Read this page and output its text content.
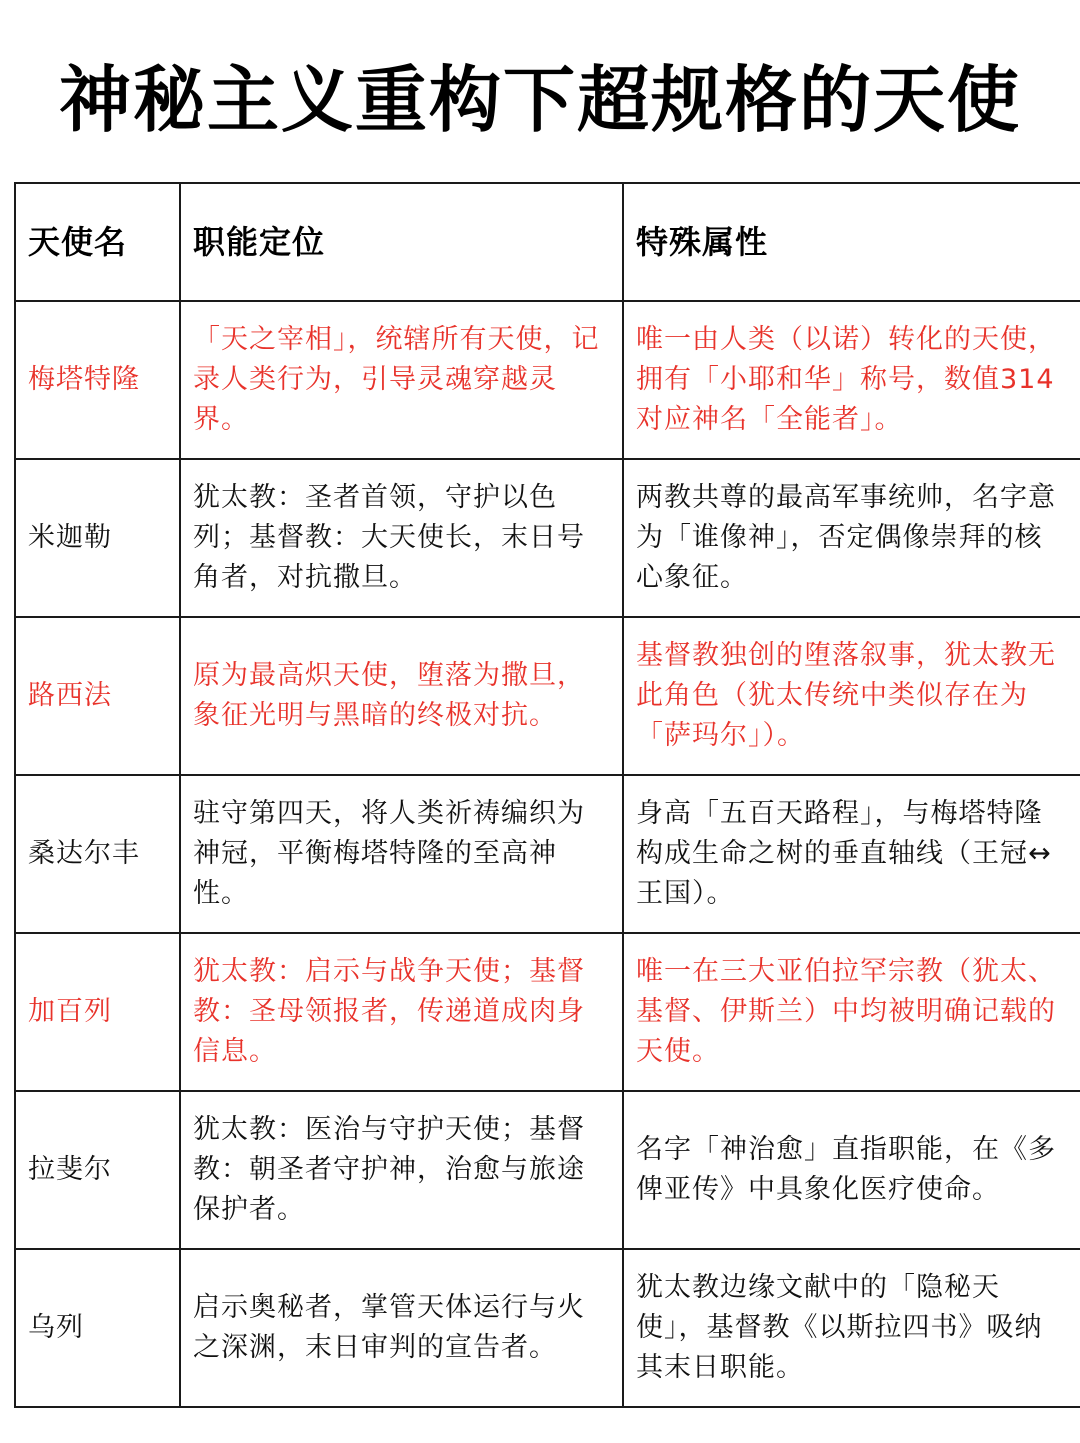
神秘主义重构下超规格的天使
天使名	职能定位	特殊属性
梅塔特隆	「天之宰相」，统辖所有天使，记录人类行为，引导灵魂穿越灵界。	唯一由人类（以诺）转化的天使，拥有「小耶和华」称号，数值314对应神名「全能者」。
米迦勒	犹太教：圣者首领，守护以色列；基督教：大天使长，末日号角者，对抗撒旦。	两教共尊的最高军事统帅，名字意为「谁像神」，否定偶像崇拜的核心象征。
路西法	原为最高炽天使，堕落为撒旦，象征光明与黑暗的终极对抗。	基督教独创的堕落叙事，犹太教无此角色（犹太传统中类似存在为「萨玛尔」）。
桑达尔丰	驻守第四天，将人类祈祷编织为神冠，平衡梅塔特隆的至高神性。	身高「五百天路程」，与梅塔特隆构成生命之树的垂直轴线（王冠↔王国）。
加百列	犹太教：启示与战争天使；基督教：圣母领报者，传递道成肉身信息。	唯一在三大亚伯拉罕宗教（犹太、基督、伊斯兰）中均被明确记载的天使。
拉斐尔	犹太教：医治与守护天使；基督教：朝圣者守护神，治愈与旅途保护者。	名字「神治愈」直指职能，在《多俾亚传》中具象化医疗使命。
乌列	启示奥秘者，掌管天体运行与火之深渊，末日审判的宣告者。	犹太教边缘文献中的「隐秘天使」，基督教《以斯拉四书》吸纳其末日职能。
